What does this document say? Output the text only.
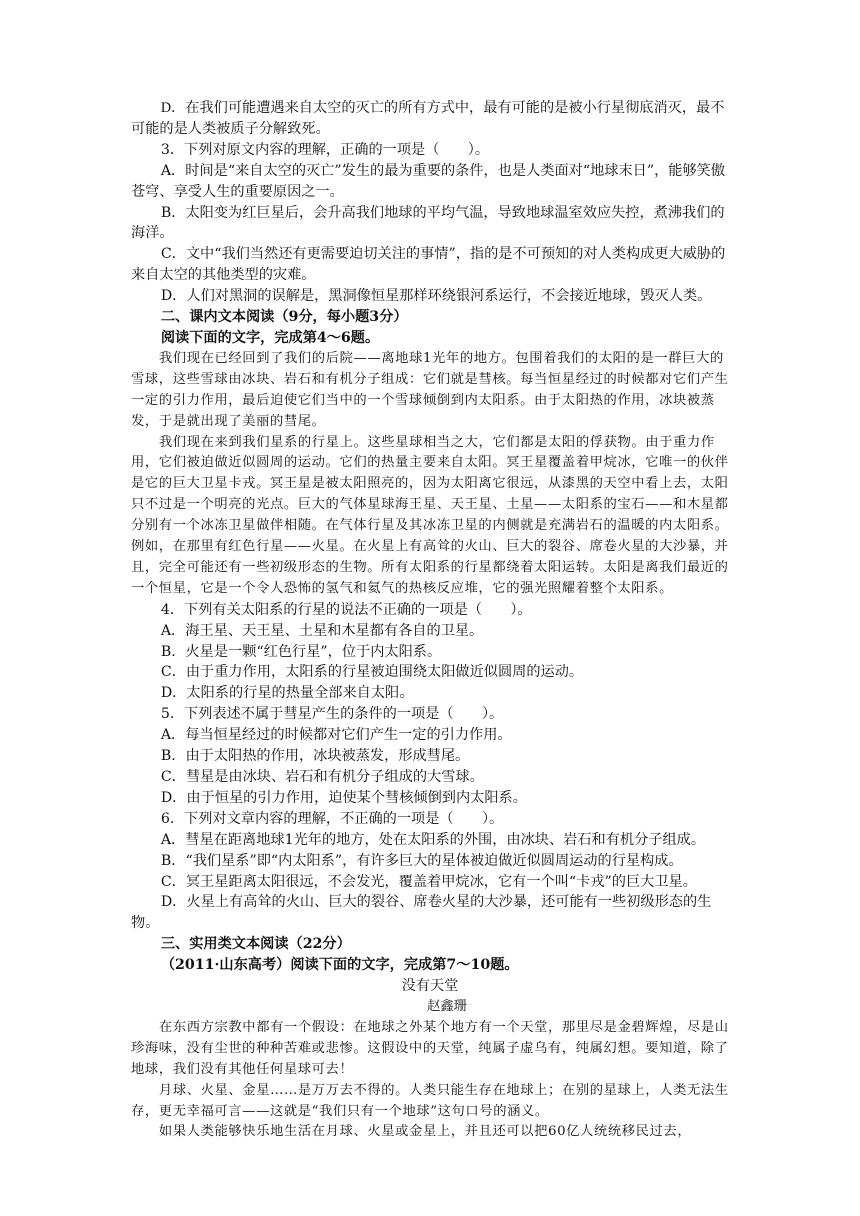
D．在我们可能遭遇来自太空的灭亡的所有方式中，最有可能的是被小行星彻底消灭，最不可能的是人类被质子分解致死。

3．下列对原文内容的理解，正确的一项是（　　）。

A．时间是“来自太空的灭亡”发生的最为重要的条件，也是人类面对“地球末日”，能够笑傲苍穹、享受人生的重要原因之一。

B．太阳变为红巨星后，会升高我们地球的平均气温，导致地球温室效应失控，煮沸我们的海洋。

C．文中“我们当然还有更需要迫切关注的事情”，指的是不可预知的对人类构成更大威胁的来自太空的其他类型的灾难。

D．人们对黑洞的误解是，黑洞像恒星那样环绕银河系运行，不会接近地球，毁灭人类。

二、课内文本阅读（9分，每小题3分）

阅读下面的文字，完成第4～6题。

我们现在已经回到了我们的后院——离地球1光年的地方。包围着我们的太阳的是一群巨大的雪球，这些雪球由冰块、岩石和有机分子组成：它们就是彗核。每当恒星经过的时候都对它们产生一定的引力作用，最后迫使它们当中的一个雪球倾倒到内太阳系。由于太阳热的作用，冰块被蒸发，于是就出现了美丽的彗尾。

我们现在来到我们星系的行星上。这些星球相当之大，它们都是太阳的俘获物。由于重力作用，它们被迫做近似圆周的运动。它们的热量主要来自太阳。冥王星覆盖着甲烷冰，它唯一的伙伴是它的巨大卫星卡戎。冥王星是被太阳照亮的，因为太阳离它很远，从漆黑的天空中看上去，太阳只不过是一个明亮的光点。巨大的气体星球海王星、天王星、土星——太阳系的宝石——和木星都分别有一个冰冻卫星做伴相随。在气体行星及其冰冻卫星的内侧就是充满岩石的温暖的内太阳系。例如，在那里有红色行星——火星。在火星上有高耸的火山、巨大的裂谷、席卷火星的大沙暴，并且，完全可能还有一些初级形态的生物。所有太阳系的行星都绕着太阳运转。太阳是离我们最近的一个恒星，它是一个令人恐怖的氢气和氦气的热核反应堆，它的强光照耀着整个太阳系。

4．下列有关太阳系的行星的说法不正确的一项是（　　）。

A．海王星、天王星、土星和木星都有各自的卫星。

B．火星是一颗“红色行星”，位于内太阳系。

C．由于重力作用，太阳系的行星被迫围绕太阳做近似圆周的运动。

D．太阳系的行星的热量全部来自太阳。

5．下列表述不属于彗星产生的条件的一项是（　　）。

A．每当恒星经过的时候都对它们产生一定的引力作用。

B．由于太阳热的作用，冰块被蒸发，形成彗尾。

C．彗星是由冰块、岩石和有机分子组成的大雪球。

D．由于恒星的引力作用，迫使某个彗核倾倒到内太阳系。

6．下列对文章内容的理解，不正确的一项是（　　）。

A．彗星在距离地球1光年的地方，处在太阳系的外围，由冰块、岩石和有机分子组成。

B．“我们星系”即“内太阳系”，有许多巨大的星体被迫做近似圆周运动的行星构成。

C．冥王星距离太阳很远，不会发光，覆盖着甲烷冰，它有一个叫“卡戎”的巨大卫星。

D．火星上有高耸的火山、巨大的裂谷、席卷火星的大沙暴，还可能有一些初级形态的生物。

三、实用类文本阅读（22分）

（2011·山东高考）阅读下面的文字，完成第7～10题。

没有天堂

赵鑫珊

在东西方宗教中都有一个假设：在地球之外某个地方有一个天堂，那里尽是金碧辉煌，尽是山珍海味，没有尘世的种种苦难或悲惨。这假设中的天堂，纯属子虚乌有，纯属幻想。要知道，除了地球，我们没有其他任何星球可去！

月球、火星、金星……是万万去不得的。人类只能生存在地球上；在别的星球上，人类无法生存，更无幸福可言——这就是“我们只有一个地球”这句口号的涵义。

如果人类能够快乐地生活在月球、火星或金星上，并且还可以把60亿人统统移民过去，
